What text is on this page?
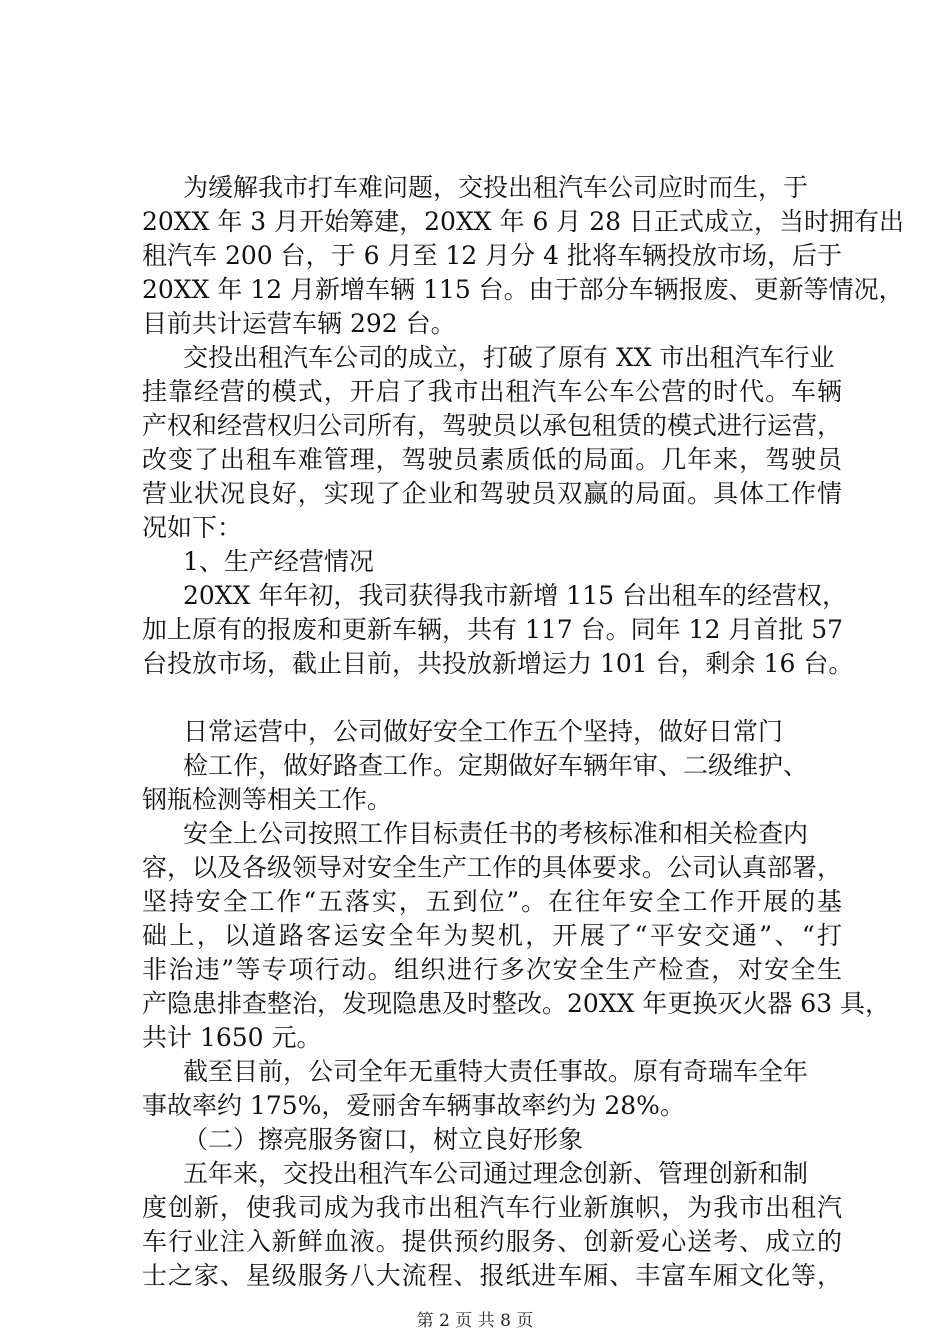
为缓解我市打车难问题，交投出租汽车公司应时而生，于
20XX 年 3 月开始筹建，20XX 年 6 月 28 日正式成立，当时拥有出
租汽车 200 台，于 6 月至 12 月分 4 批将车辆投放市场，后于
20XX 年 12 月新增车辆 115 台。由于部分车辆报废、更新等情况，
目前共计运营车辆 292 台。
交投出租汽车公司的成立，打破了原有 XX 市出租汽车行业
挂靠经营的模式，开启了我市出租汽车公车公营的时代。车辆
产权和经营权归公司所有，驾驶员以承包租赁的模式进行运营，
改变了出租车难管理，驾驶员素质低的局面。几年来，驾驶员
营业状况良好，实现了企业和驾驶员双赢的局面。具体工作情
况如下：
1、生产经营情况
20XX 年年初，我司获得我市新增 115 台出租车的经营权，
加上原有的报废和更新车辆，共有 117 台。同年 12 月首批 57
台投放市场，截止目前，共投放新增运力 101 台，剩余 16 台。
日常运营中，公司做好安全工作五个坚持，做好日常门
检工作，做好路查工作。定期做好车辆年审、二级维护、
钢瓶检测等相关工作。
安全上公司按照工作目标责任书的考核标准和相关检查内
容，以及各级领导对安全生产工作的具体要求。公司认真部署，
坚持安全工作“五落实，五到位”。在往年安全工作开展的基
础上，以道路客运安全年为契机，开展了“平安交通”、“打
非治违”等专项行动。组织进行多次安全生产检查，对安全生
产隐患排查整治，发现隐患及时整改。20XX 年更换灭火器 63 具，
共计 1650 元。
截至目前，公司全年无重特大责任事故。原有奇瑞车全年
事故率约 175%，爱丽舍车辆事故率约为 28%。
（二）擦亮服务窗口，树立良好形象
五年来，交投出租汽车公司通过理念创新、管理创新和制
度创新，使我司成为我市出租汽车行业新旗帜，为我市出租汽
车行业注入新鲜血液。提供预约服务、创新爱心送考、成立的
士之家、星级服务八大流程、报纸进车厢、丰富车厢文化等，
第 2 页 共 8 页
